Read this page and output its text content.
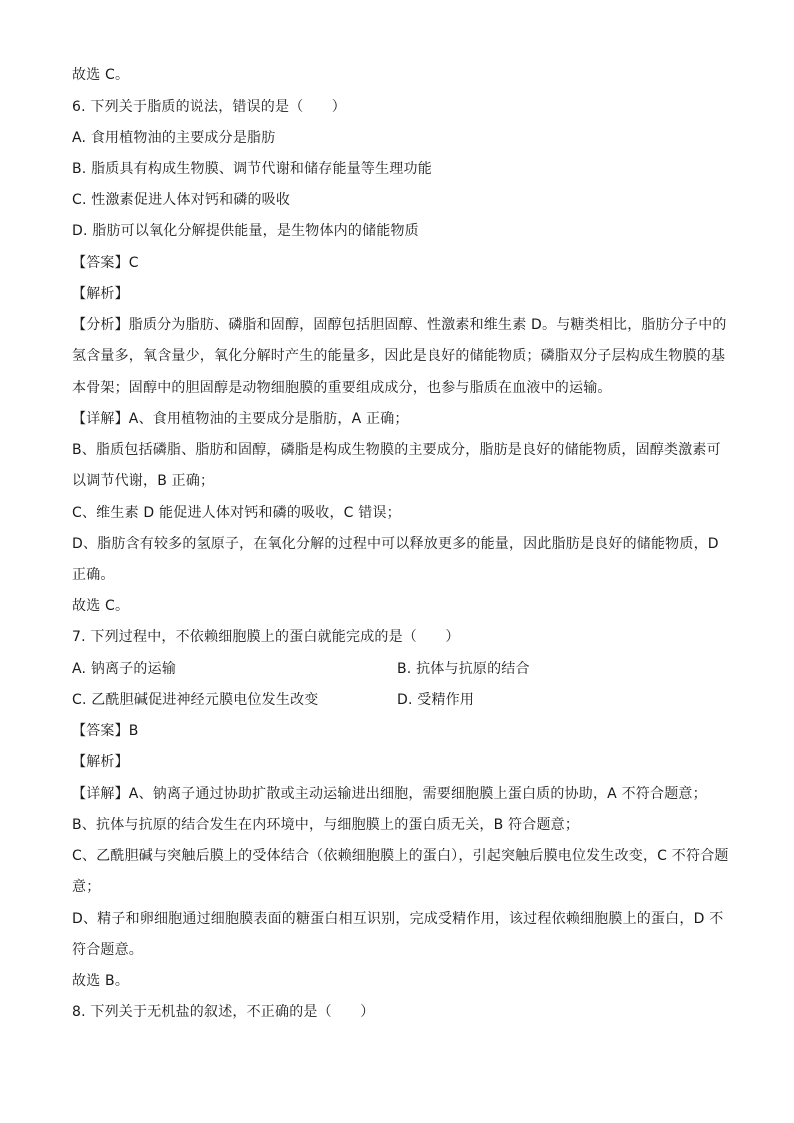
故选 C。
6. 下列关于脂质的说法，错误的是（　　）
A. 食用植物油的主要成分是脂肪
B. 脂质具有构成生物膜、调节代谢和储存能量等生理功能
C. 性激素促进人体对钙和磷的吸收
D. 脂肪可以氧化分解提供能量，是生物体内的储能物质
【答案】C
【解析】
【分析】脂质分为脂肪、磷脂和固醇，固醇包括胆固醇、性激素和维生素 D。与糖类相比，脂肪分子中的
氢含量多，氧含量少，氧化分解时产生的能量多，因此是良好的储能物质；磷脂双分子层构成生物膜的基
本骨架；固醇中的胆固醇是动物细胞膜的重要组成成分，也参与脂质在血液中的运输。
【详解】A、食用植物油的主要成分是脂肪，A 正确；
B、脂质包括磷脂、脂肪和固醇，磷脂是构成生物膜的主要成分，脂肪是良好的储能物质，固醇类激素可
以调节代谢，B 正确；
C、维生素 D 能促进人体对钙和磷的吸收，C 错误；
D、脂肪含有较多的氢原子，在氧化分解的过程中可以释放更多的能量，因此脂肪是良好的储能物质，D
正确。
故选 C。
7. 下列过程中，不依赖细胞膜上的蛋白就能完成的是（　　）
A. 钠离子的运输	B. 抗体与抗原的结合
C. 乙酰胆碱促进神经元膜电位发生改变	D. 受精作用
【答案】B
【解析】
【详解】A、钠离子通过协助扩散或主动运输进出细胞，需要细胞膜上蛋白质的协助，A 不符合题意；
B、抗体与抗原的结合发生在内环境中，与细胞膜上的蛋白质无关，B 符合题意；
C、乙酰胆碱与突触后膜上的受体结合（依赖细胞膜上的蛋白），引起突触后膜电位发生改变，C 不符合题
意；
D、精子和卵细胞通过细胞膜表面的糖蛋白相互识别，完成受精作用，该过程依赖细胞膜上的蛋白，D 不
符合题意。
故选 B。
8. 下列关于无机盐的叙述，不正确的是（　　）
